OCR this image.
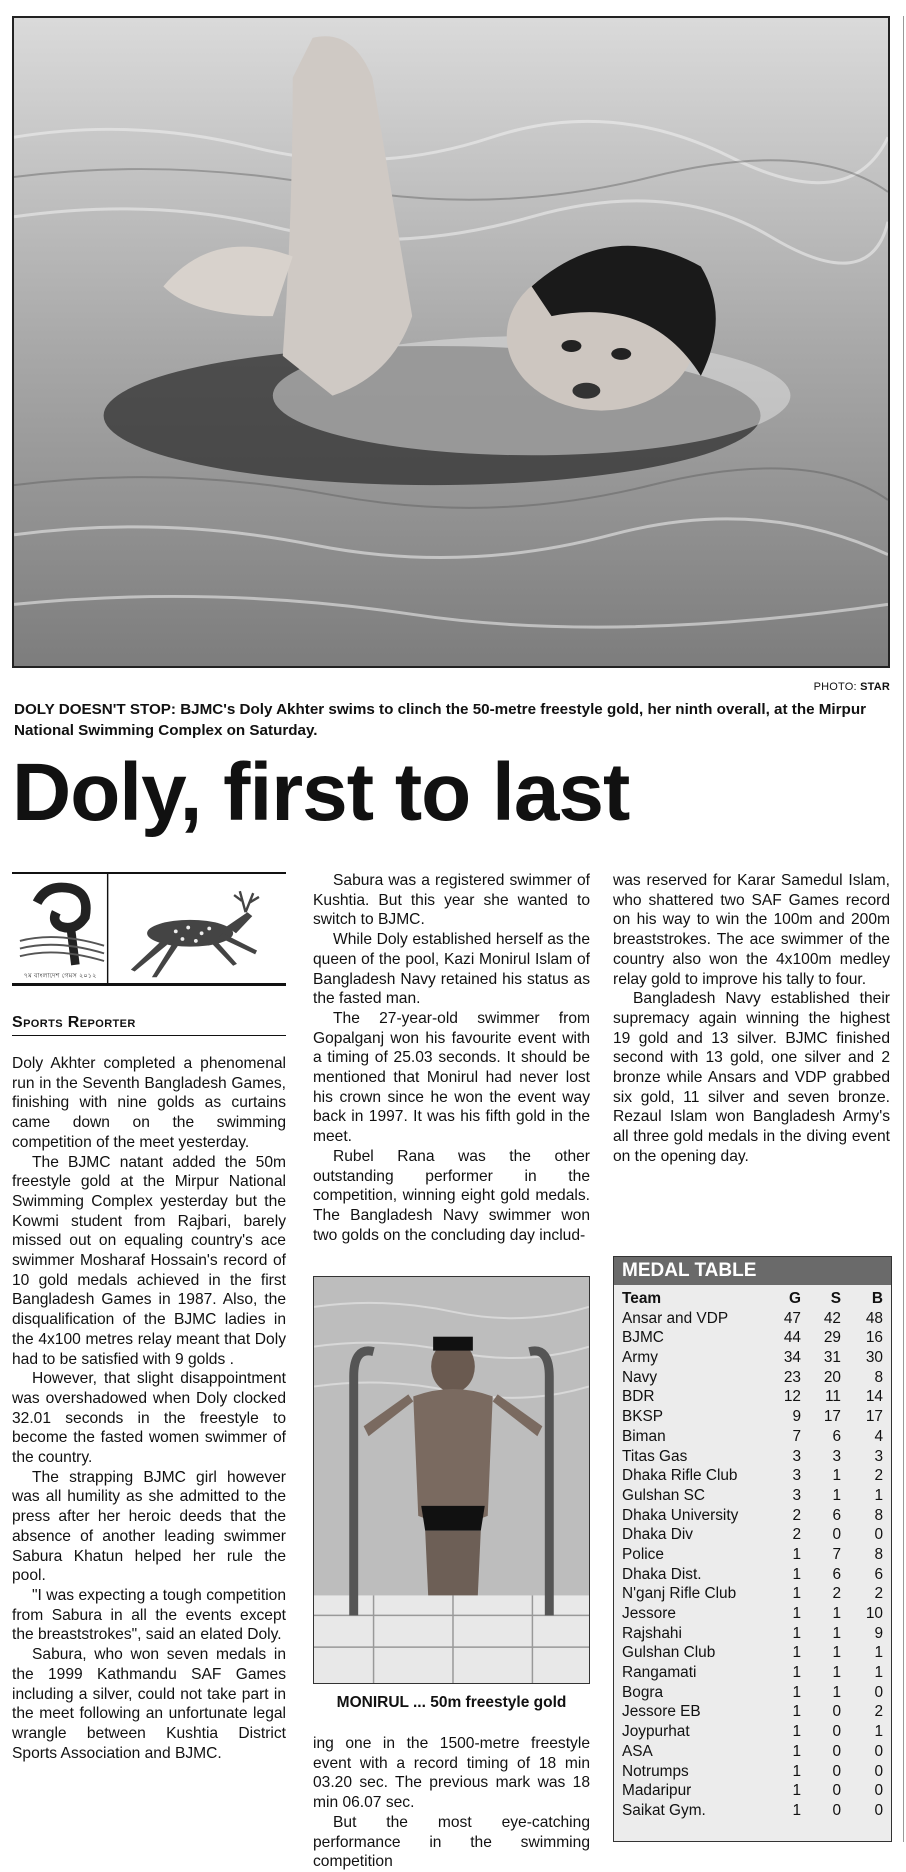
PHOTO: STAR
DOLY DOESN'T STOP: BJMC's Doly Akhter swims to clinch the 50-metre freestyle gold, her ninth overall, at the Mirpur National Swimming Complex on Saturday.
Doly, first to last
৭ম বাংলাদেশ গেমস ২০১২
Sports Reporter

Doly Akhter completed a phenomenal run in the Seventh Bangladesh Games, finishing with nine golds as curtains came down on the swimming competition of the meet yesterday.

The BJMC natant added the 50m freestyle gold at the Mirpur National Swimming Complex yesterday but the Kowmi student from Rajbari, barely missed out on equaling country's ace swimmer Mosharaf Hossain's record of 10 gold medals achieved in the first Bangladesh Games in 1987. Also, the disqualification of the BJMC ladies in the 4x100 metres relay meant that Doly had to be satisfied with 9 golds .

However, that slight disappointment was overshadowed when Doly clocked 32.01 seconds in the freestyle to become the fasted women swimmer of the country.

The strapping BJMC girl however was all humility as she admitted to the press after her heroic deeds that the absence of another leading swimmer Sabura Khatun helped her rule the pool.

"I was expecting a tough competition from Sabura in all the events except the breaststrokes", said an elated Doly.

Sabura, who won seven medals in the 1999 Kathmandu SAF Games including a silver, could not take part in the meet following an unfortunate legal wrangle between Kushtia District Sports Association and BJMC.

Sabura was a registered swimmer of Kushtia. But this year she wanted to switch to BJMC.

While Doly established herself as the queen of the pool, Kazi Monirul Islam of Bangladesh Navy retained his status as the fasted man.

The 27-year-old swimmer from Gopalganj won his favourite event with a timing of 25.03 seconds. It should be mentioned that Monirul had never lost his crown since he won the event way back in 1997. It was his fifth gold in the meet.

Rubel Rana was the other outstanding performer in the competition, winning eight gold medals. The Bangladesh Navy swimmer won two golds on the concluding day includ-

MONIRUL ... 50m freestyle gold

ing one in the 1500-metre freestyle event with a record timing of 18 min 03.20 sec. The previous mark was 18 min 06.07 sec.

But the most eye-catching performance in the swimming competition

was reserved for Karar Samedul Islam, who shattered two SAF Games record on his way to win the 100m and 200m breaststrokes. The ace swimmer of the country also won the 4x100m medley relay gold to improve his tally to four.

Bangladesh Navy established their supremacy again winning the highest 19 gold and 13 silver. BJMC finished second with 13 gold, one silver and 2 bronze while Ansars and VDP grabbed six gold, 11 silver and seven bronze. Rezaul Islam won Bangladesh Army's all three gold medals in the diving event on the opening day.

MEDAL TABLE
Team	G	S	B
Ansar and VDP	47	42	48
BJMC	44	29	16
Army	34	31	30
Navy	23	20	8
BDR	12	11	14
BKSP	9	17	17
Biman	7	6	4
Titas Gas	3	3	3
Dhaka Rifle Club	3	1	2
Gulshan SC	3	1	1
Dhaka University	2	6	8
Dhaka Div	2	0	0
Police	1	7	8
Dhaka Dist.	1	6	6
N'ganj Rifle Club	1	2	2
Jessore	1	1	10
Rajshahi	1	1	9
Gulshan Club	1	1	1
Rangamati	1	1	1
Bogra	1	1	0
Jessore EB	1	0	2
Joypurhat	1	0	1
ASA	1	0	0
Notrumps	1	0	0
Madaripur	1	0	0
Saikat Gym.	1	0	0
